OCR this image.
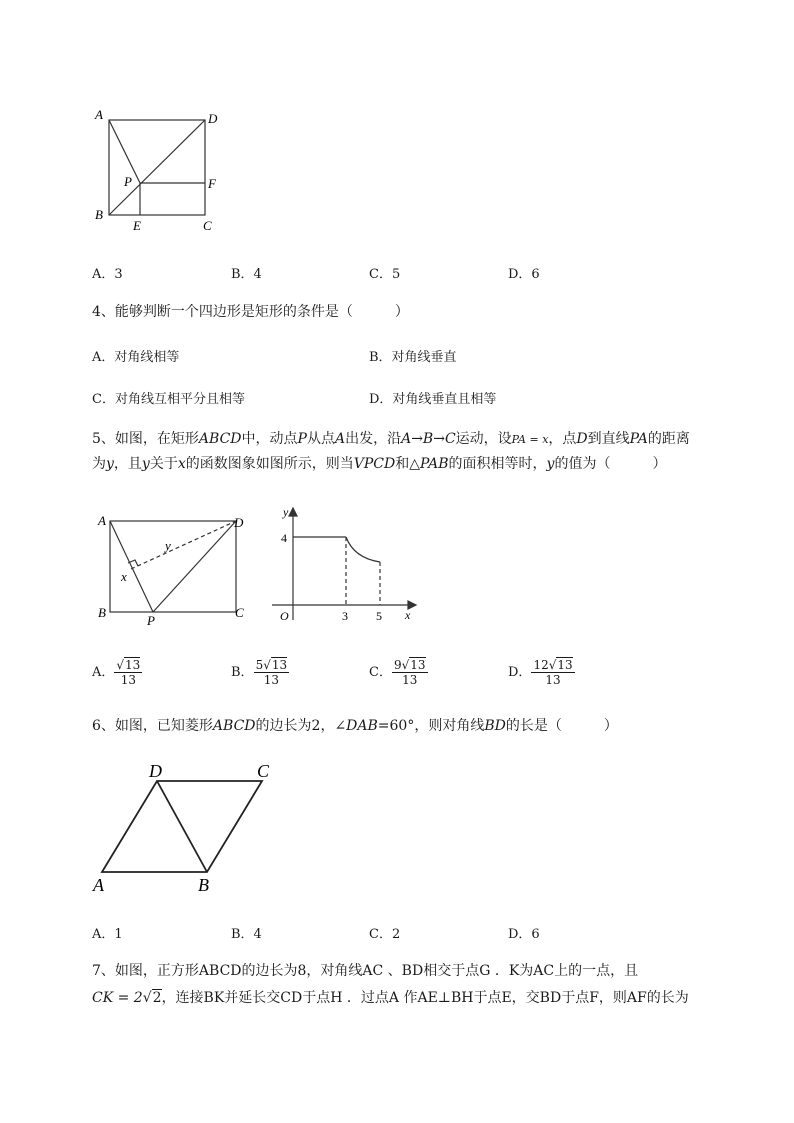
A	D
P	F
B
E	C
A．3	B．4	C．5	D．6
4、能够判断一个四边形是矩形的条件是（　　　）
A．对角线相等	B．对角线垂直
C．对角线互相平分且相等	D．对角线垂直且相等
5、如图，在矩形ABCD中，动点P从点A出发，沿A→B→C运动，设PA = x，点D到直线PA的距离
为y，且y关于x的函数图象如图所示，则当VPCD和△PAB的面积相等时，y的值为（　　　）
A	D
B
P
C
x
y
y
4
O	3 5 x
A． $\frac{√13}{13}$	B． $\frac{5√13}{13}$	C． $\frac{9√13}{13}$	D． $\frac{12√13}{13}$
6、如图，已知菱形ABCD的边长为2，∠DAB=60°，则对角线BD的长是（　　　）
D	C
A	B
A．1	B．4	C．2	D．6
7、如图，正方形ABCD的边长为8，对角线AC 、BD相交于点G ．K为AC上的一点，且
CK = 2√2，连接BK并延长交CD于点H ．过点A 作AE⊥BH于点E，交BD于点F，则AF的长为
